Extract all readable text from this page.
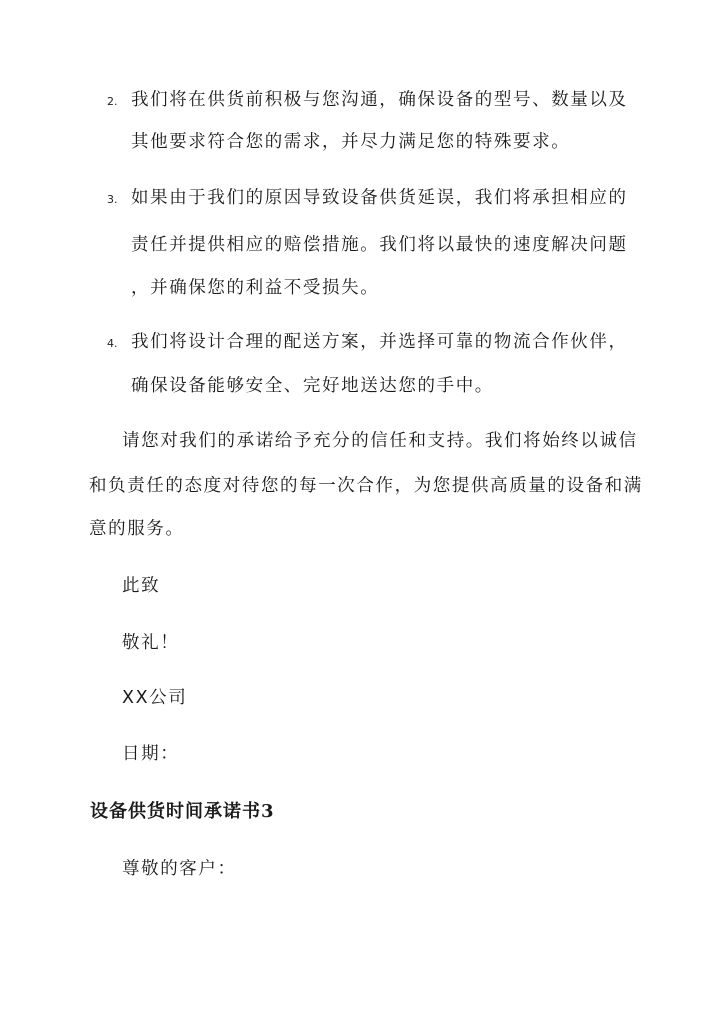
2. 我们将在供货前积极与您沟通，确保设备的型号、数量以及
其他要求符合您的需求，并尽力满足您的特殊要求。
3. 如果由于我们的原因导致设备供货延误，我们将承担相应的
责任并提供相应的赔偿措施。我们将以最快的速度解决问题
，并确保您的利益不受损失。
4. 我们将设计合理的配送方案，并选择可靠的物流合作伙伴，
确保设备能够安全、完好地送达您的手中。
请您对我们的承诺给予充分的信任和支持。我们将始终以诚信
和负责任的态度对待您的每一次合作，为您提供高质量的设备和满
意的服务。
此致
敬礼！
XX公司
日期：
设备供货时间承诺书3
尊敬的客户：
